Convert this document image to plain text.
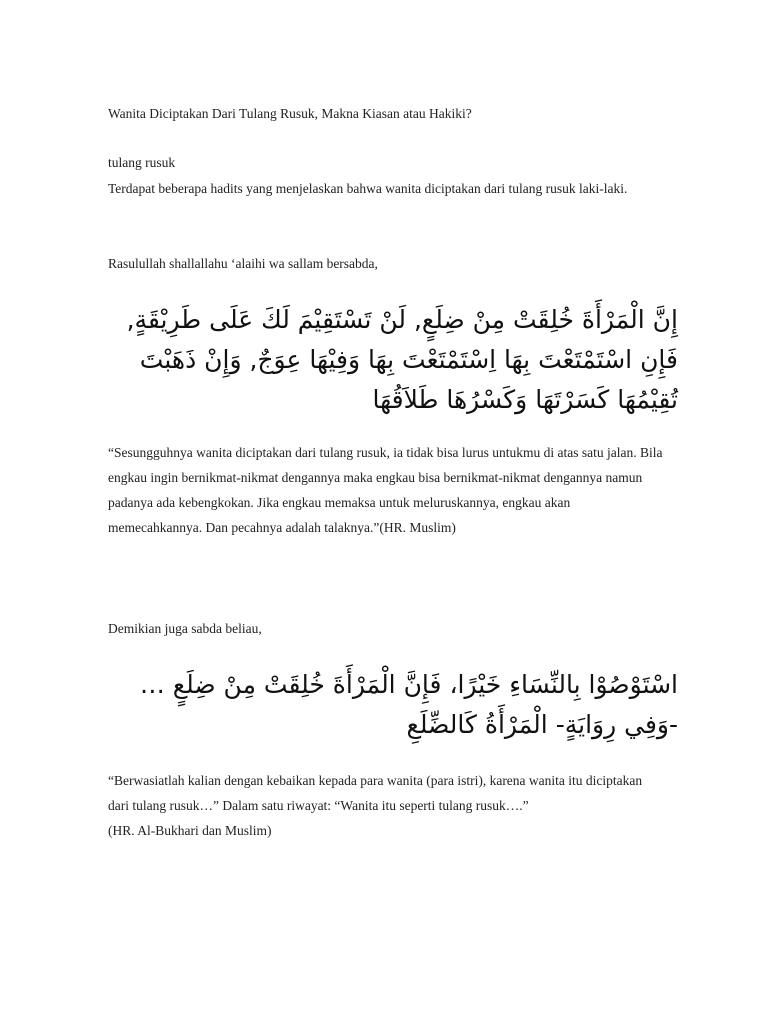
Wanita Diciptakan Dari Tulang Rusuk, Makna Kiasan atau Hakiki?

tulang rusuk

Terdapat beberapa hadits yang menjelaskan bahwa wanita diciptakan dari tulang rusuk laki-laki.

Rasulullah shallallahu ‘alaihi wa sallam bersabda,

إِنَّ الْمَرْأَةَ خُلِقَتْ مِنْ ضِلَعٍ, لَنْ تَسْتَقِيْمَ لَكَ عَلَى طَرِيْقَةٍ, فَإِنِ اسْتَمْتَعْتَ بِهَا اِسْتَمْتَعْتَ بِهَا وَفِيْهَا عِوَجٌ, وَإِنْ ذَهَبْتَ تُقِيْمُهَا كَسَرْتَهَا وَكَسْرُهَا طَلاَقُهَا

“Sesungguhnya wanita diciptakan dari tulang rusuk, ia tidak bisa lurus untukmu di atas satu jalan. Bila engkau ingin bernikmat-nikmat dengannya maka engkau bisa bernikmat-nikmat dengannya namun padanya ada kebengkokan. Jika engkau memaksa untuk meluruskannya, engkau akan memecahkannya. Dan pecahnya adalah talaknya.”(HR. Muslim)

Demikian juga sabda beliau,

اسْتَوْصُوْا بِالنِّسَاءِ خَيْرًا، فَإِنَّ الْمَرْأَةَ خُلِقَتْ مِنْ ضِلَعٍ … -وَفِي رِوَايَةٍ- الْمَرْأَةُ كَالضِّلَعِ

“Berwasiatlah kalian dengan kebaikan kepada para wanita (para istri), karena wanita itu diciptakan dari tulang rusuk…” Dalam satu riwayat: “Wanita itu seperti tulang rusuk….”

(HR. Al-Bukhari dan Muslim)
